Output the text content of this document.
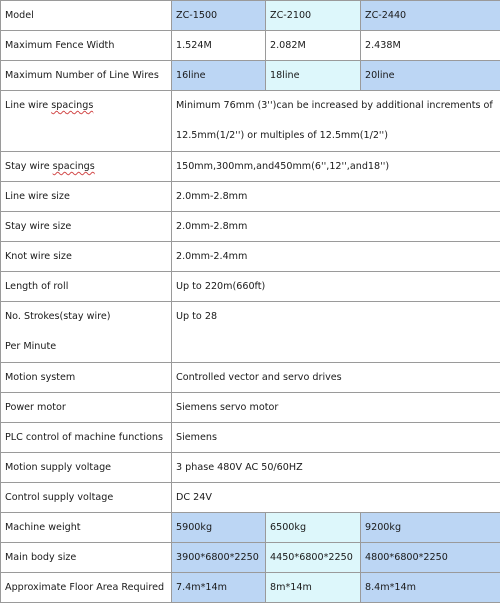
Model	ZC-1500	ZC-2100	ZC-2440
Maximum Fence Width	1.524M	2.082M	2.438M
Maximum Number of Line Wires	16line	18line	20line

Line wire spacings	Minimum 76mm (3'')can be increased by additional increments of
12.5mm(1/2'') or multiples of 12.5mm(1/2'')		

Stay wire spacings	150mm,300mm,and450mm(6'',12'',and18'')		
Line wire size	2.0mm-2.8mm		
Stay wire size	2.0mm-2.8mm		
Knot wire size	2.0mm-2.4mm		
Length of roll	Up to 220m(660ft)		

No. Strokes(stay wire)
Per Minute	Up to 28		

Motion system	Controlled vector and servo drives		
Power motor	Siemens servo motor		
PLC control of machine functions	Siemens		
Motion supply voltage	3 phase 480V AC 50/60HZ		
Control supply voltage	DC 24V		
Machine weight	5900kg	6500kg	9200kg
Main body size	3900*6800*2250	4450*6800*2250	4800*6800*2250
Approximate Floor Area Required	7.4m*14m	8m*14m	8.4m*14m
